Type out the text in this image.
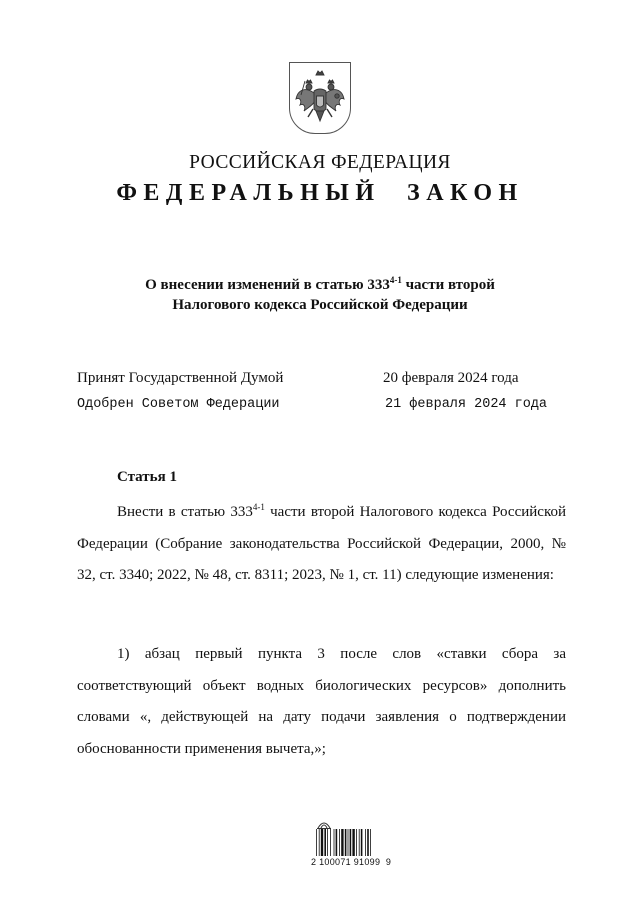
РОССИЙСКАЯ ФЕДЕРАЦИЯ
ФЕДЕРАЛЬНЫЙ ЗАКОН
О внесении изменений в статью 333$^{4-1}$ части второй
Налогового кодекса Российской Федерации
Принят Государственной Думой	20 февраля 2024 года
Одобрен Советом Федерации	21 февраля 2024 года
Статья 1
Внести в статью 333$^{4-1}$ части второй Налогового кодекса Российской Федерации (Собрание законодательства Российской Федерации, 2000, № 32, ст. 3340; 2022, № 48, ст. 8311; 2023, № 1, ст. 11) следующие изменения:
1) абзац первый пункта 3 после слов «ставки сбора за соответствующий объект водных биологических ресурсов» дополнить словами «, действующей на дату подачи заявления о подтверждении обоснованности применения вычета,»;
2 100071 91099  9
